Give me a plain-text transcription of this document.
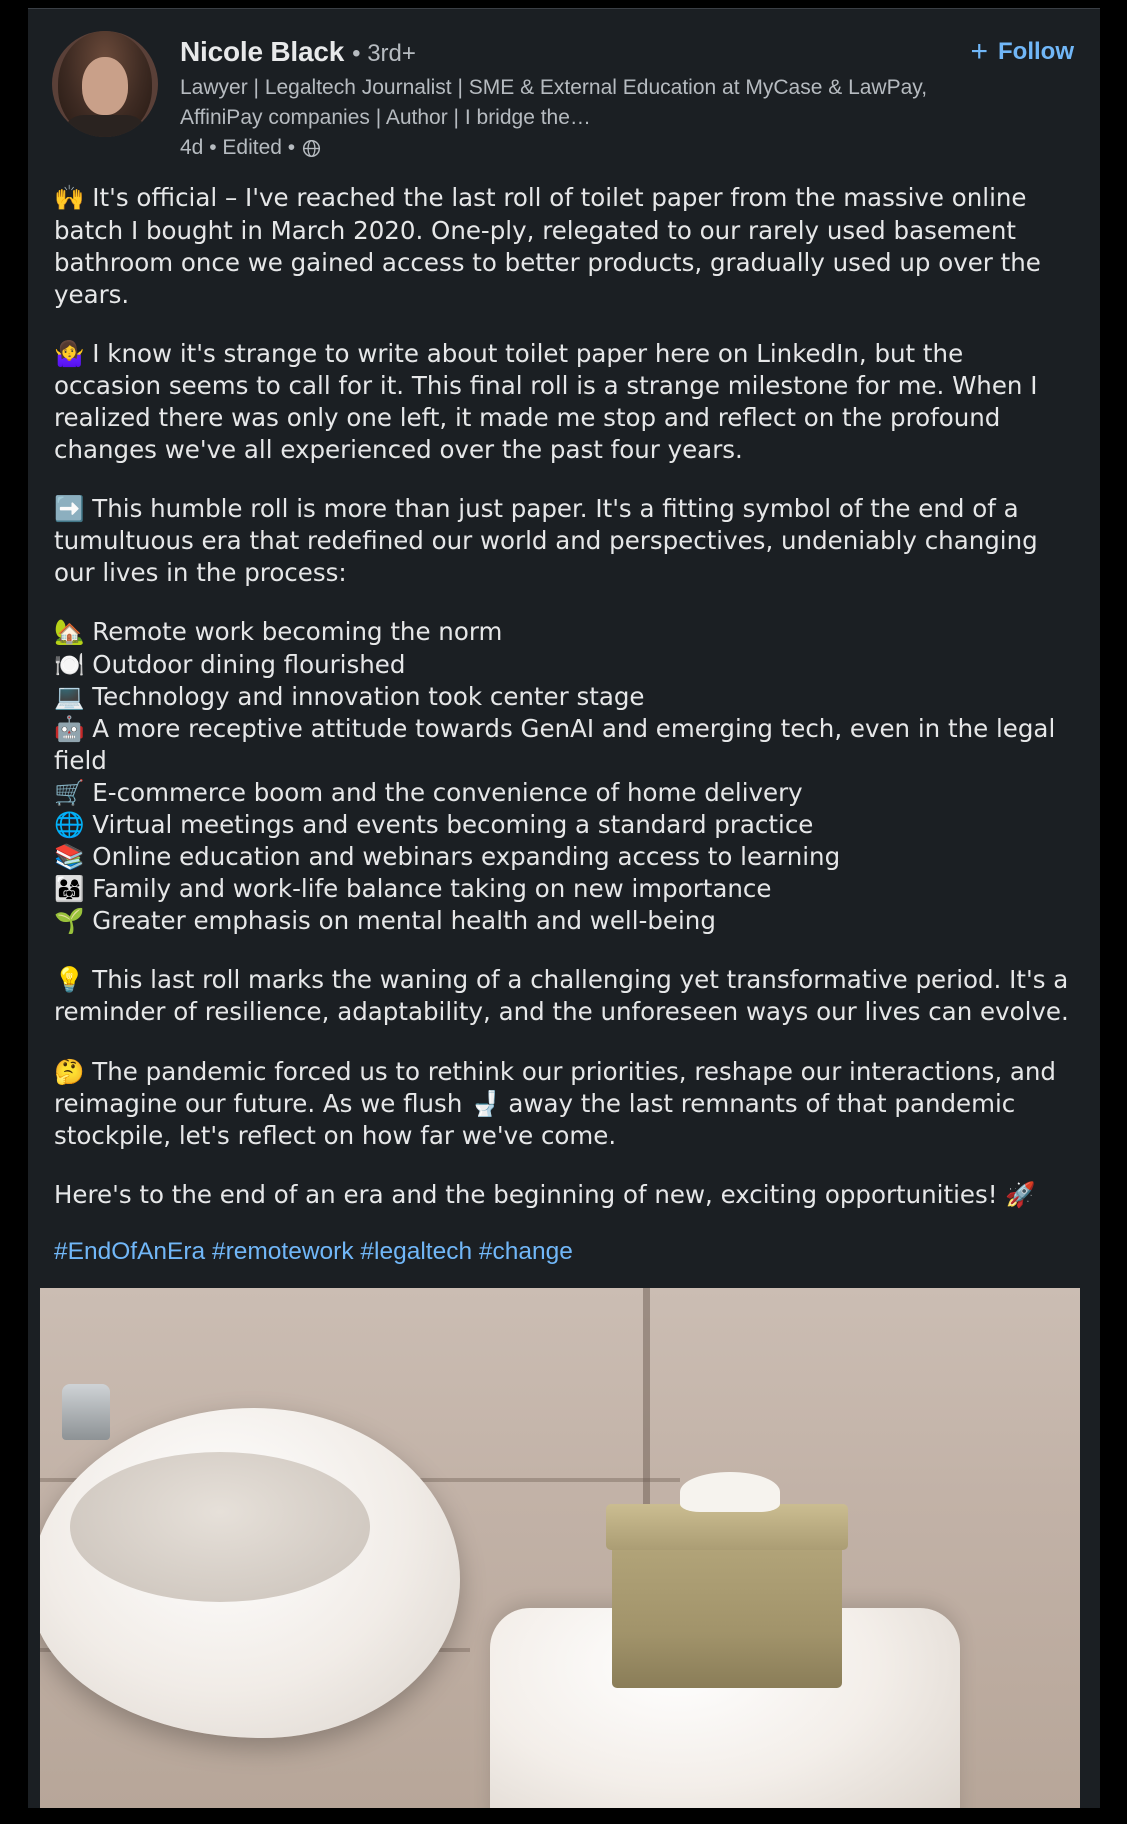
Nicole Black • 3rd+
Lawyer | Legaltech Journalist | SME & External Education at MyCase & LawPay, AffiniPay companies | Author | I bridge the…
4d • Edited •
+ Follow

🙌 It's official – I've reached the last roll of toilet paper from the massive online batch I bought in March 2020. One-ply, relegated to our rarely used basement bathroom once we gained access to better products, gradually used up over the years.

🤷‍♀️ I know it's strange to write about toilet paper here on LinkedIn, but the occasion seems to call for it. This final roll is a strange milestone for me. When I realized there was only one left, it made me stop and reflect on the profound changes we've all experienced over the past four years.

➡️ This humble roll is more than just paper. It's a fitting symbol of the end of a tumultuous era that redefined our world and perspectives, undeniably changing our lives in the process:

🏡 Remote work becoming the norm

🍽️ Outdoor dining flourished

💻 Technology and innovation took center stage

🤖 A more receptive attitude towards GenAI and emerging tech, even in the legal field

🛒 E-commerce boom and the convenience of home delivery

🌐 Virtual meetings and events becoming a standard practice

📚 Online education and webinars expanding access to learning

👨‍👩‍👧 Family and work-life balance taking on new importance

🌱 Greater emphasis on mental health and well-being

💡 This last roll marks the waning of a challenging yet transformative period. It's a reminder of resilience, adaptability, and the unforeseen ways our lives can evolve.

🤔 The pandemic forced us to rethink our priorities, reshape our interactions, and reimagine our future. As we flush 🚽 away the last remnants of that pandemic stockpile, let's reflect on how far we've come.

Here's to the end of an era and the beginning of new, exciting opportunities! 🚀

#EndOfAnEra #remotework #legaltech #change
